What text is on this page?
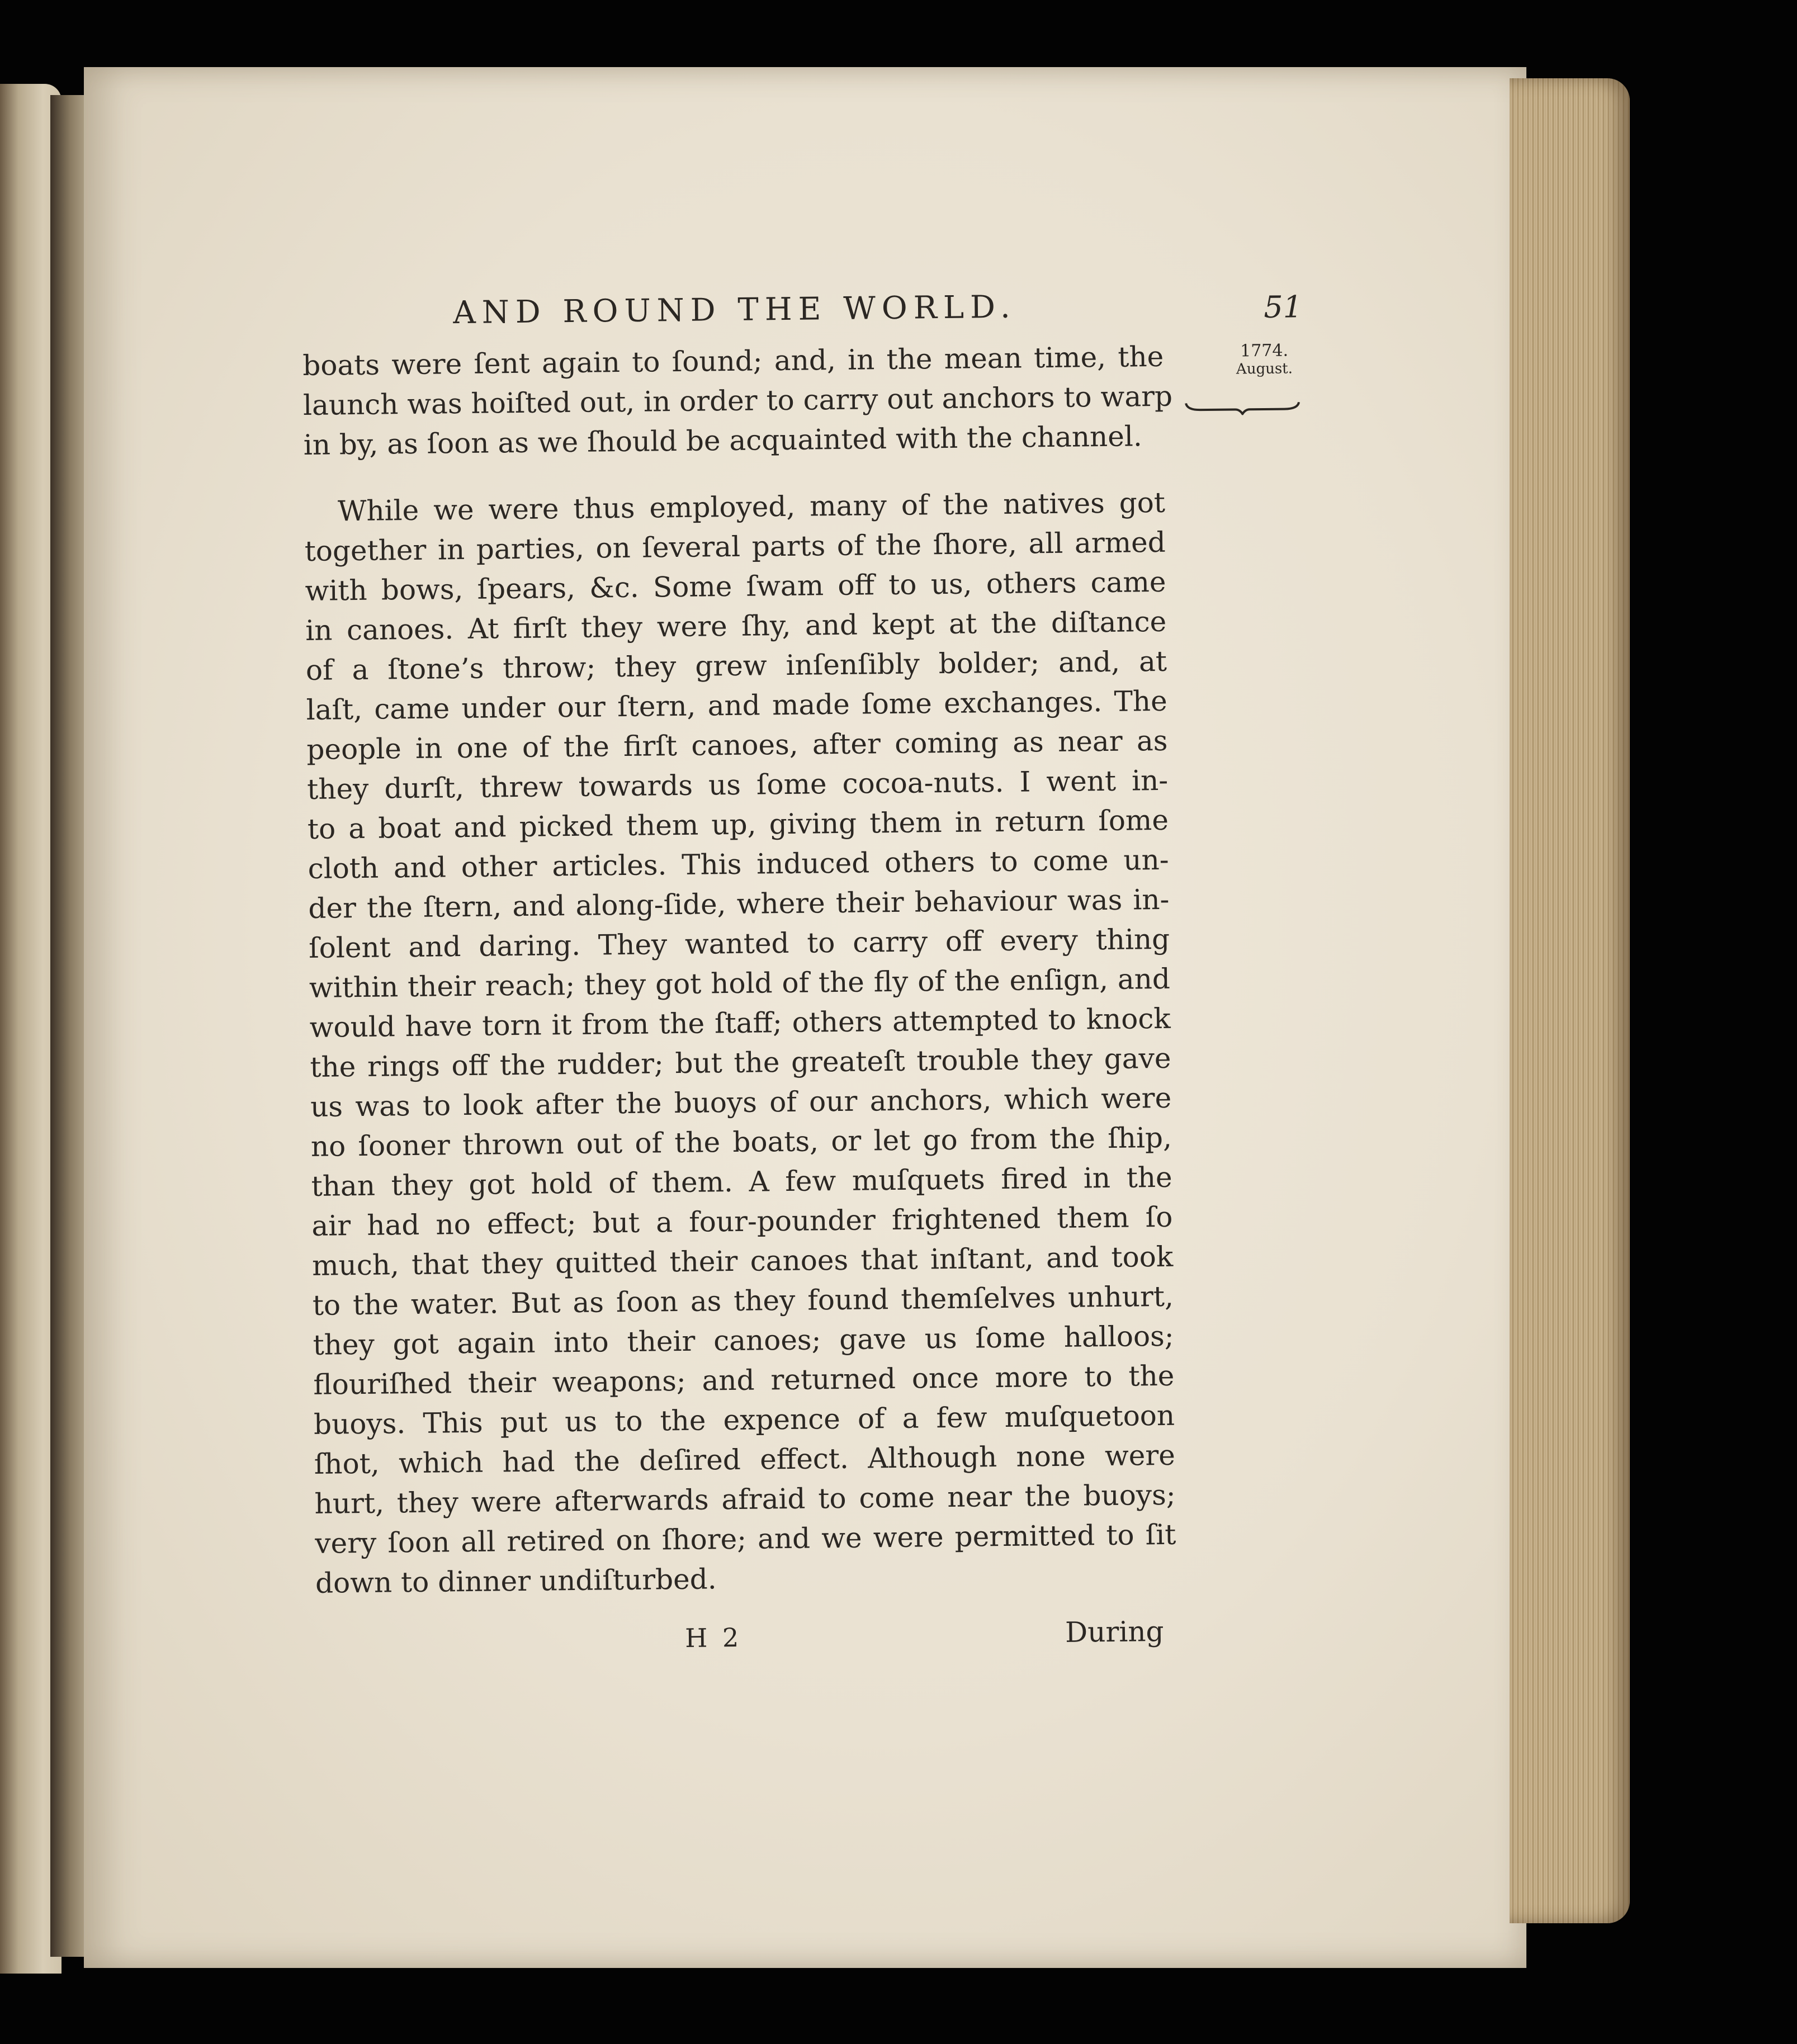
AND ROUND THE WORLD.	51
1774.
August.
boats were ſent again to ſound; and, in the mean time, the
launch was hoiſted out, in order to carry out anchors to warp
in by, as ſoon as we ſhould be acquainted with the channel.
While we were thus employed, many of the natives got
together in parties, on ſeveral parts of the ſhore, all armed
with bows, ſpears, &c. Some ſwam off to us, others came
in canoes. At firſt they were ſhy, and kept at the diſtance
of a ſtone’s throw; they grew inſenſibly bolder; and, at
laſt, came under our ſtern, and made ſome exchanges. The
people in one of the firſt canoes, after coming as near as
they durſt, threw towards us ſome cocoa-nuts. I went in-
to a boat and picked them up, giving them in return ſome
cloth and other articles. This induced others to come un-
der the ſtern, and along-ſide, where their behaviour was in-
ſolent and daring. They wanted to carry off every thing
within their reach; they got hold of the fly of the enſign, and
would have torn it from the ſtaff; others attempted to knock
the rings off the rudder; but the greateſt trouble they gave
us was to look after the buoys of our anchors, which were
no ſooner thrown out of the boats, or let go from the ſhip,
than they got hold of them. A few muſquets fired in the
air had no effect; but a four-pounder frightened them ſo
much, that they quitted their canoes that inſtant, and took
to the water. But as ſoon as they found themſelves unhurt,
they got again into their canoes; gave us ſome halloos;
flouriſhed their weapons; and returned once more to the
buoys. This put us to the expence of a few muſquetoon
ſhot, which had the deſired effect. Although none were
hurt, they were afterwards afraid to come near the buoys;
very ſoon all retired on ſhore; and we were permitted to ſit
down to dinner undiſturbed.
H 2	During
